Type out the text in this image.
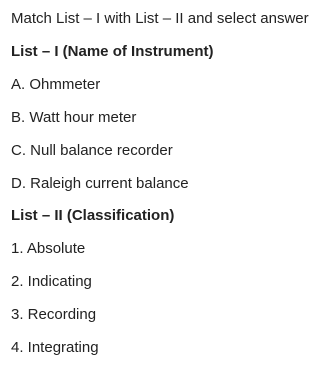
Match List – I with List – II and select answer
List – I (Name of Instrument)
A. Ohmmeter
B. Watt hour meter
C. Null balance recorder
D. Raleigh current balance
List – II (Classification)
1. Absolute
2. Indicating
3. Recording
4. Integrating
